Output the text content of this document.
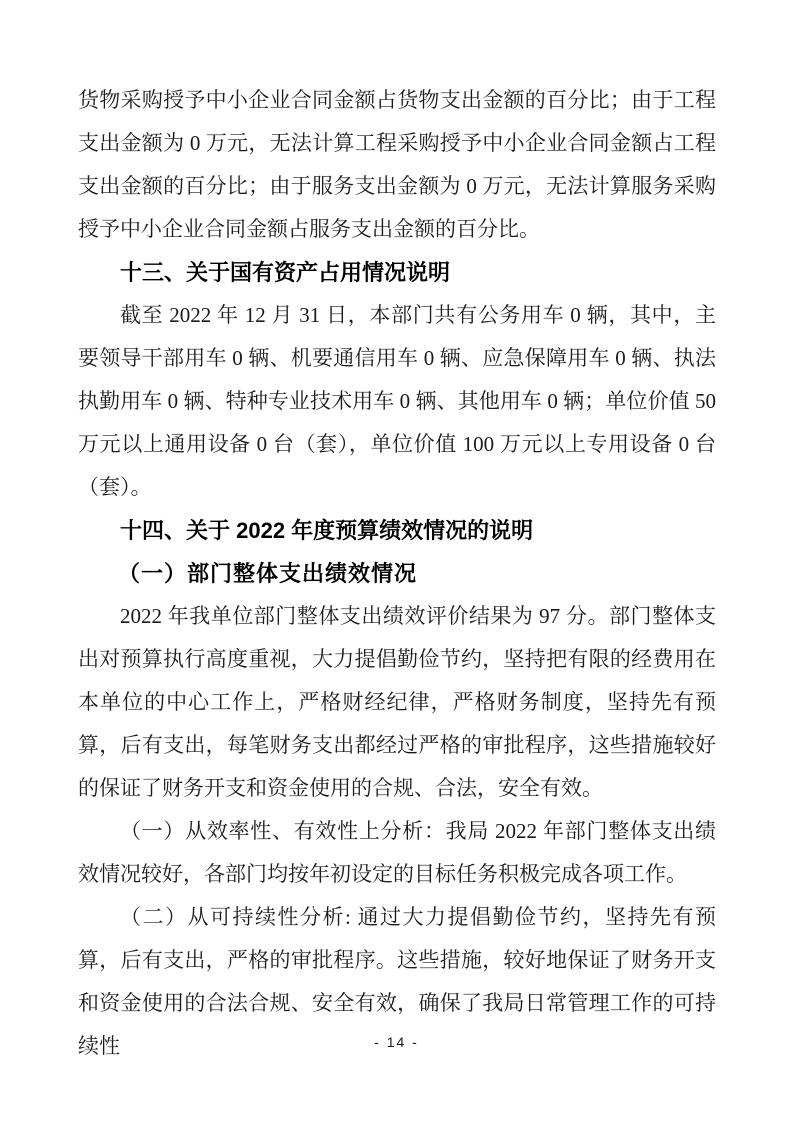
货物采购授予中小企业合同金额占货物支出金额的百分比；由于工程支出金额为 0 万元，无法计算工程采购授予中小企业合同金额占工程支出金额的百分比；由于服务支出金额为 0 万元，无法计算服务采购授予中小企业合同金额占服务支出金额的百分比。

十三、关于国有资产占用情况说明

截至 2022 年 12 月 31 日，本部门共有公务用车 0 辆，其中，主要领导干部用车 0 辆、机要通信用车 0 辆、应急保障用车 0 辆、执法执勤用车 0 辆、特种专业技术用车 0 辆、其他用车 0 辆；单位价值 50 万元以上通用设备 0 台（套），单位价值 100 万元以上专用设备 0 台（套）。

十四、关于 2022 年度预算绩效情况的说明
（一）部门整体支出绩效情况

2022 年我单位部门整体支出绩效评价结果为 97 分。部门整体支出对预算执行高度重视，大力提倡勤俭节约，坚持把有限的经费用在本单位的中心工作上，严格财经纪律，严格财务制度，坚持先有预算，后有支出，每笔财务支出都经过严格的审批程序，这些措施较好的保证了财务开支和资金使用的合规、合法，安全有效。

（一）从效率性、有效性上分析：我局 2022 年部门整体支出绩效情况较好，各部门均按年初设定的目标任务积极完成各项工作。

（二）从可持续性分析: 通过大力提倡勤俭节约，坚持先有预算，后有支出，严格的审批程序。这些措施，较好地保证了财务开支和资金使用的合法合规、安全有效，确保了我局日常管理工作的可持续性	- 14 -
